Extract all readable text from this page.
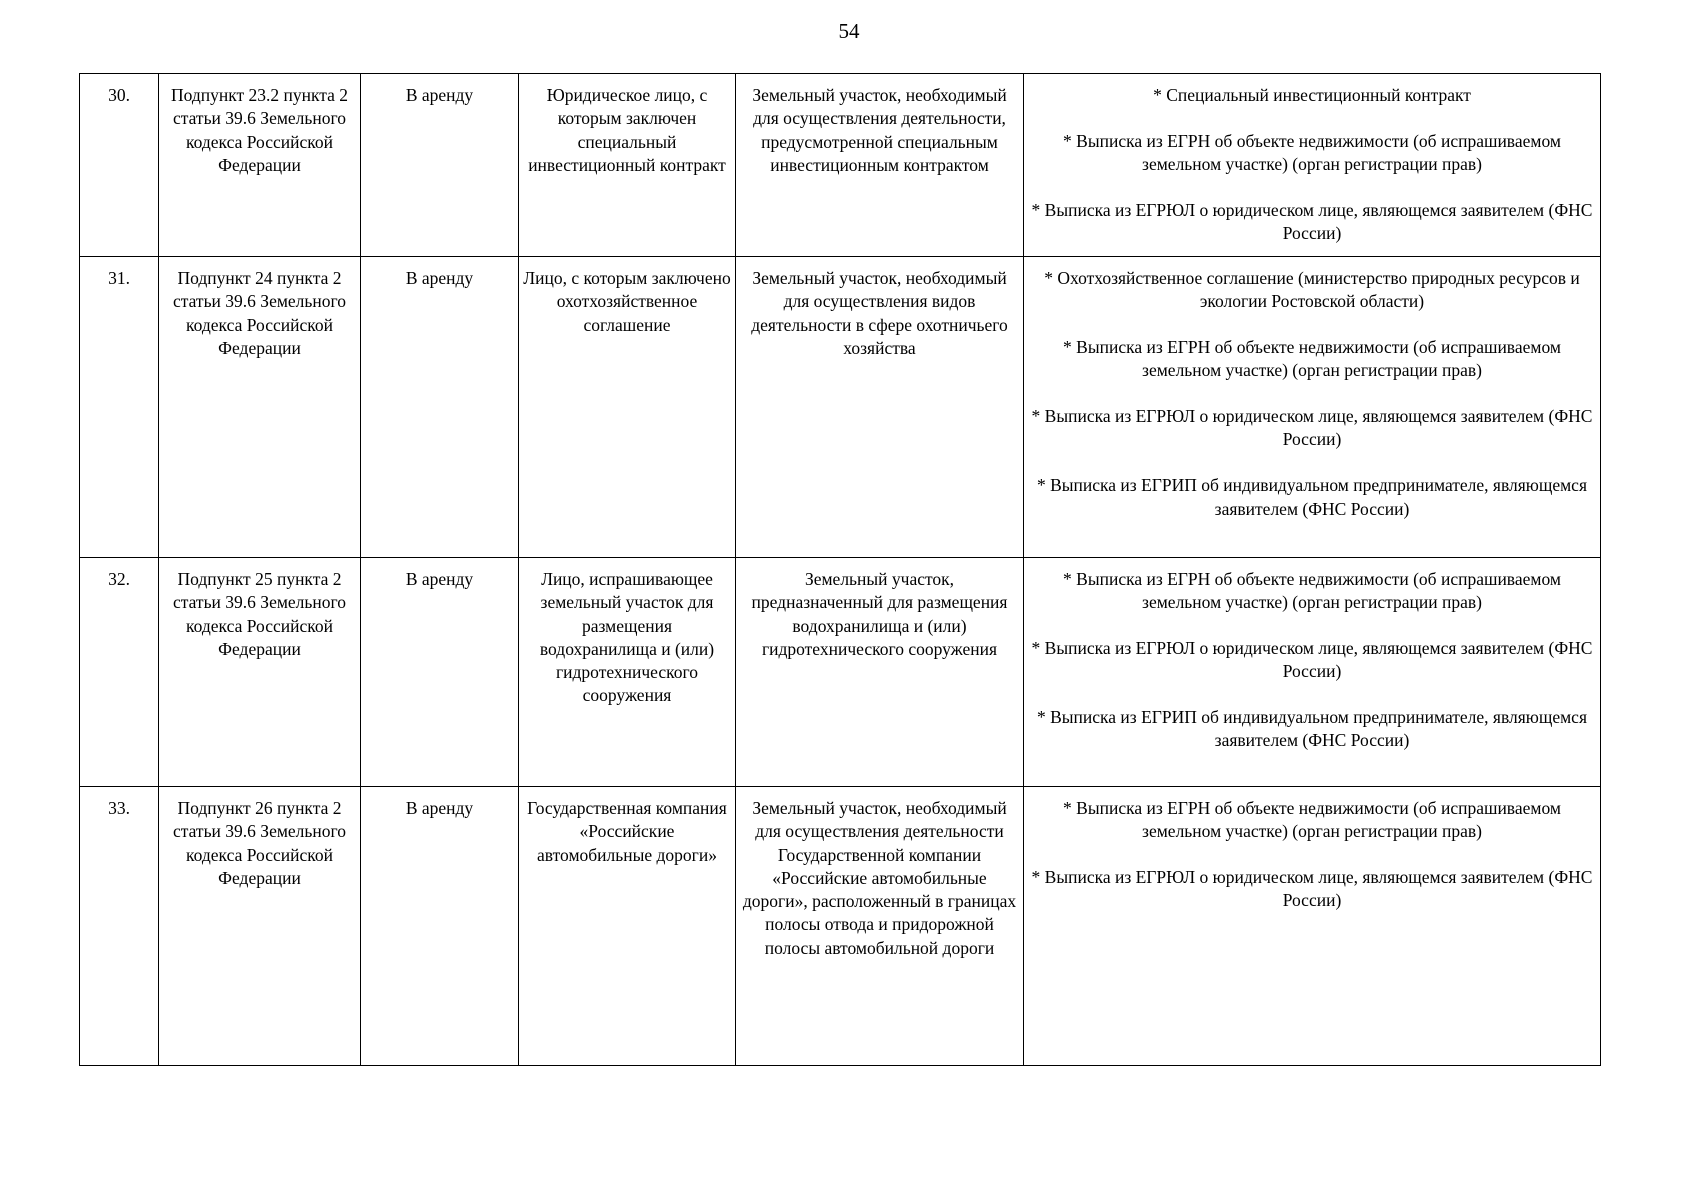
54
30.	Подпункт 23.2 пункта 2 статьи 39.6 Земельного кодекса Российской Федерации	В аренду	Юридическое лицо, с которым заключен специальный инвестиционный контракт	Земельный участок, необходимый для осуществления деятельности, предусмотренной специальным инвестиционным контрактом	* Специальный инвестиционный контракт
* Выписка из ЕГРН об объекте недвижимости (об испрашиваемом земельном участке) (орган регистрации прав)
* Выписка из ЕГРЮЛ о юридическом лице, являющемся заявителем (ФНС России)

31.	Подпункт 24 пункта 2 статьи 39.6 Земельного кодекса Российской Федерации	В аренду	Лицо, с которым заключено охотхозяйственное соглашение	Земельный участок, необходимый для осуществления видов деятельности в сфере охотничьего хозяйства	* Охотхозяйственное соглашение (министерство природных ресурсов и экологии Ростовской области)
* Выписка из ЕГРН об объекте недвижимости (об испрашиваемом земельном участке) (орган регистрации прав)
* Выписка из ЕГРЮЛ о юридическом лице, являющемся заявителем (ФНС России)
* Выписка из ЕГРИП об индивидуальном предпринимателе, являющемся заявителем (ФНС России)

32.	Подпункт 25 пункта 2 статьи 39.6 Земельного кодекса Российской Федерации	В аренду	Лицо, испрашивающее земельный участок для размещения водохранилища и (или) гидротехнического сооружения	Земельный участок, предназначенный для размещения водохранилища и (или) гидротехнического сооружения	* Выписка из ЕГРН об объекте недвижимости (об испрашиваемом земельном участке) (орган регистрации прав)
* Выписка из ЕГРЮЛ о юридическом лице, являющемся заявителем (ФНС России)
* Выписка из ЕГРИП об индивидуальном предпринимателе, являющемся заявителем (ФНС России)

33.	Подпункт 26 пункта 2 статьи 39.6 Земельного кодекса Российской Федерации	В аренду	Государственная компания «Российские автомобильные дороги»	Земельный участок, необходимый для осуществления деятельности Государственной компании «Российские автомобильные дороги», расположенный в границах полосы отвода и придорожной полосы автомобильной дороги	* Выписка из ЕГРН об объекте недвижимости (об испрашиваемом земельном участке) (орган регистрации прав)
* Выписка из ЕГРЮЛ о юридическом лице, являющемся заявителем (ФНС России)
